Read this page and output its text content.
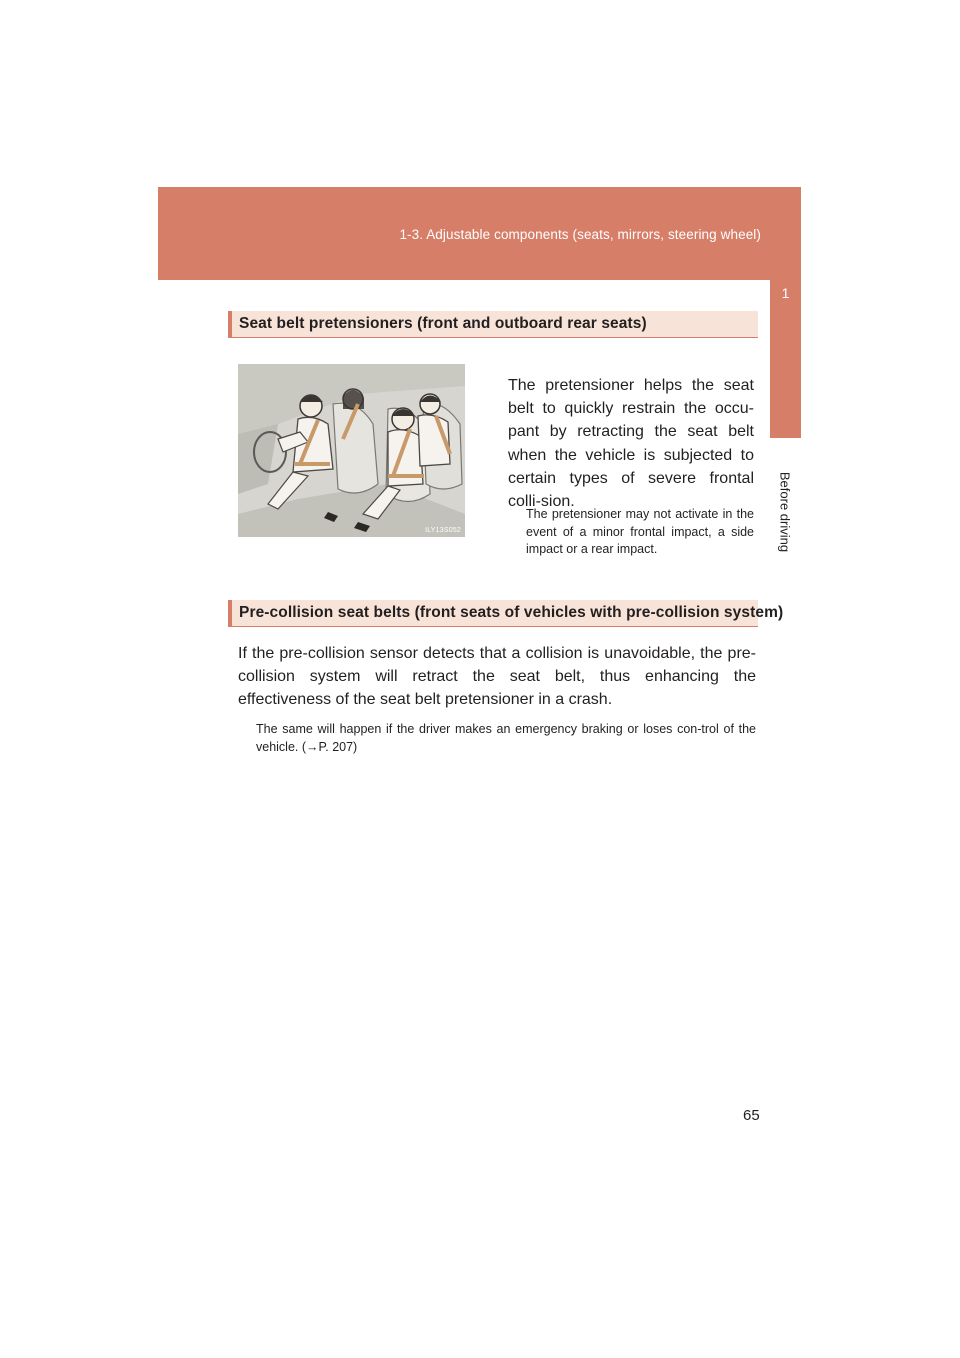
1-3. Adjustable components (seats, mirrors, steering wheel)
1
Before driving
Seat belt pretensioners (front and outboard rear seats)
ILY13S052
The pretensioner helps the seat belt to quickly restrain the occu-pant by retracting the seat belt when the vehicle is subjected to certain types of severe frontal colli-sion.
The pretensioner may not activate in the event of a minor frontal impact, a side impact or a rear impact.
Pre-collision seat belts (front seats of vehicles with pre-collision system)
If the pre-collision sensor detects that a collision is unavoidable, the pre-collision system will retract the seat belt, thus enhancing the effectiveness of the seat belt pretensioner in a crash.
The same will happen if the driver makes an emergency braking or loses con-trol of the vehicle. (→P. 207)
65
